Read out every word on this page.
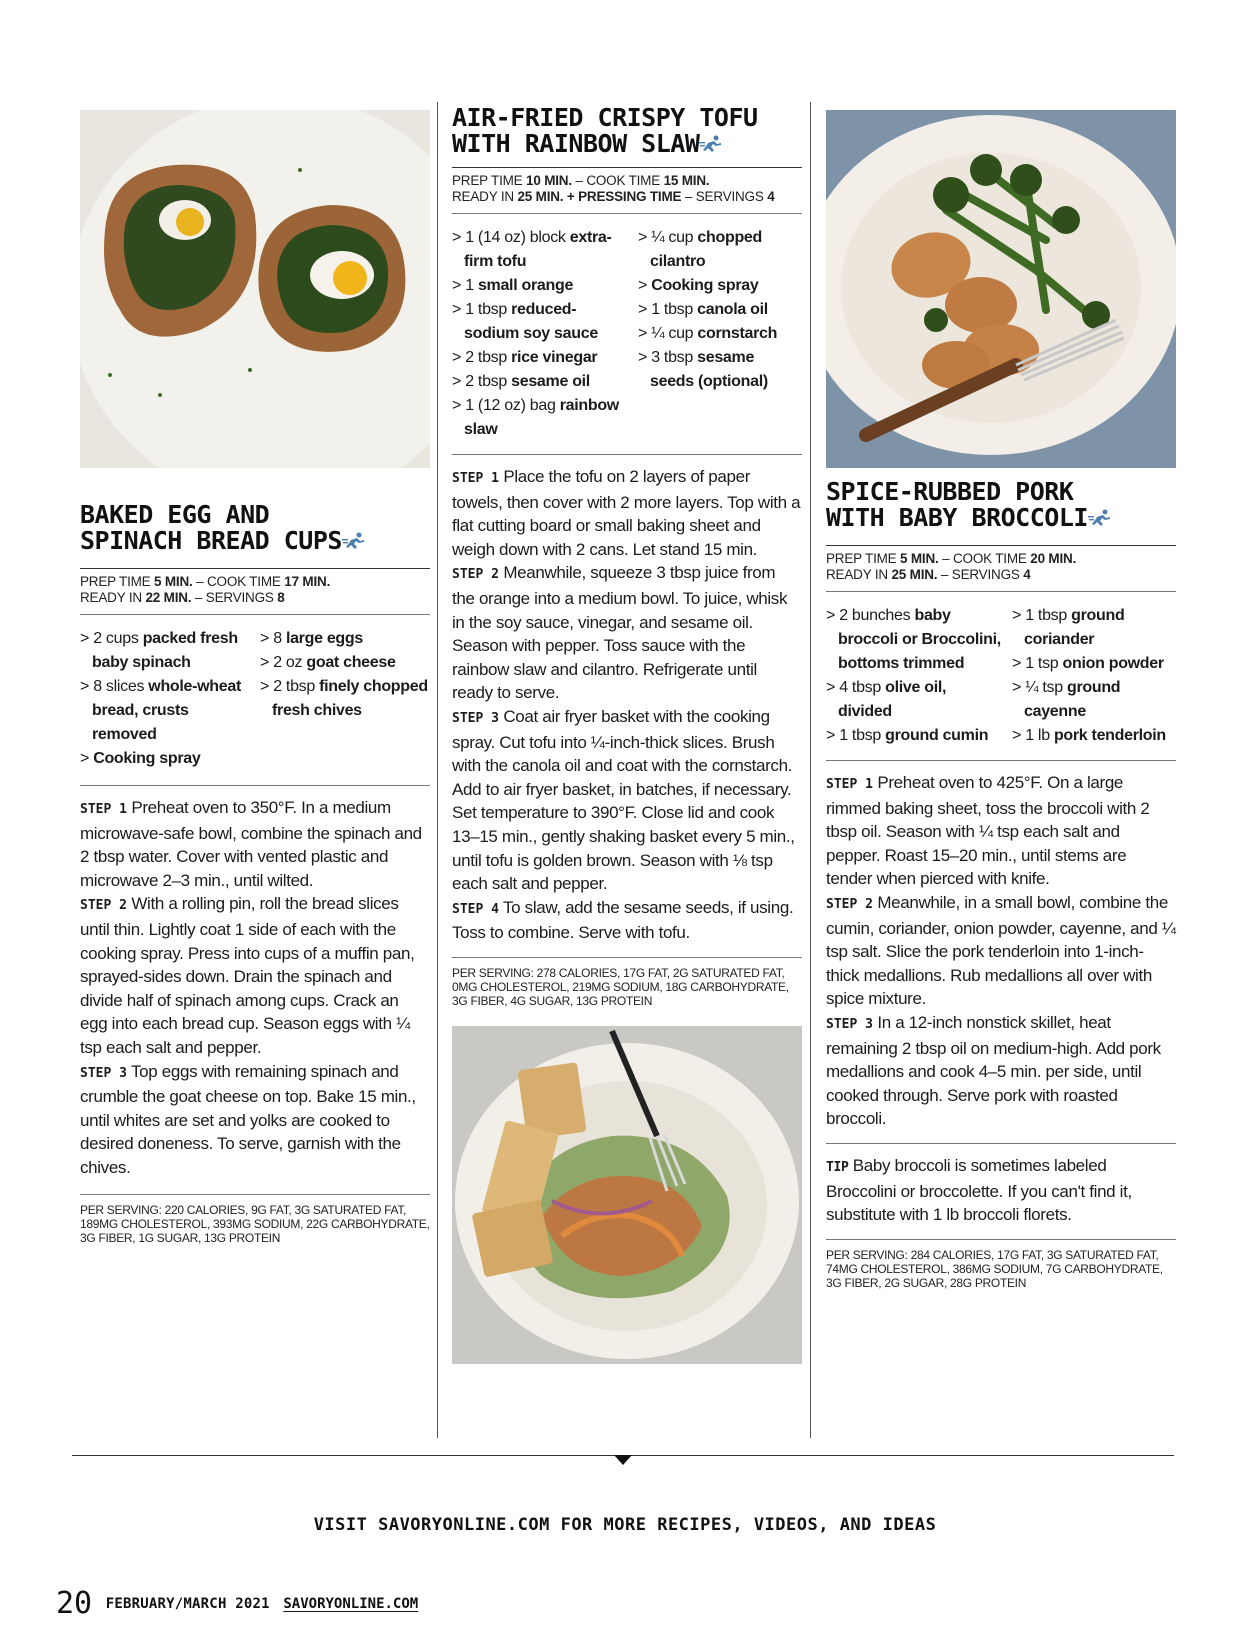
BAKED EGG AND
SPINACH BREAD CUPS
PREP TIME 5 MIN. – COOK TIME 17 MIN.
READY IN 22 MIN. – SERVINGS 8
> 2 cups packed fresh baby spinach
> 8 slices whole-wheat bread, crusts removed
> Cooking spray
> 8 large eggs
> 2 oz goat cheese
> 2 tbsp finely chopped fresh chives

STEP 1 Preheat oven to 350°F. In a medium microwave-safe bowl, combine the spinach and 2 tbsp water. Cover with vented plastic and microwave 2–3 min., until wilted.

STEP 2 With a rolling pin, roll the bread slices until thin. Lightly coat 1 side of each with the cooking spray. Press into cups of a muffin pan, sprayed-sides down. Drain the spinach and divide half of spinach among cups. Crack an egg into each bread cup. Season eggs with ¼ tsp each salt and pepper.

STEP 3 Top eggs with remaining spinach and crumble the goat cheese on top. Bake 15 min., until whites are set and yolks are cooked to desired doneness. To serve, garnish with the chives.

PER SERVING: 220 CALORIES, 9G FAT, 3G SATURATED FAT, 189MG CHOLESTEROL, 393MG SODIUM, 22G CARBOHYDRATE, 3G FIBER, 1G SUGAR, 13G PROTEIN
AIR-FRIED CRISPY TOFU
WITH RAINBOW SLAW
PREP TIME 10 MIN. – COOK TIME 15 MIN.
READY IN 25 MIN. + PRESSING TIME – SERVINGS 4
> 1 (14 oz) block extra-firm tofu
> 1 small orange
> 1 tbsp reduced-sodium soy sauce
> 2 tbsp rice vinegar
> 2 tbsp sesame oil
> 1 (12 oz) bag rainbow slaw
> ¼ cup chopped cilantro
> Cooking spray
> 1 tbsp canola oil
> ¼ cup cornstarch
> 3 tbsp sesame seeds (optional)

STEP 1 Place the tofu on 2 layers of paper towels, then cover with 2 more layers. Top with a flat cutting board or small baking sheet and weigh down with 2 cans. Let stand 15 min.

STEP 2 Meanwhile, squeeze 3 tbsp juice from the orange into a medium bowl. To juice, whisk in the soy sauce, vinegar, and sesame oil. Season with pepper. Toss sauce with the rainbow slaw and cilantro. Refrigerate until ready to serve.

STEP 3 Coat air fryer basket with the cooking spray. Cut tofu into ¼-inch-thick slices. Brush with the canola oil and coat with the cornstarch. Add to air fryer basket, in batches, if necessary. Set temperature to 390°F. Close lid and cook 13–15 min., gently shaking basket every 5 min., until tofu is golden brown. Season with ⅛ tsp each salt and pepper.

STEP 4 To slaw, add the sesame seeds, if using. Toss to combine. Serve with tofu.

PER SERVING: 278 CALORIES, 17G FAT, 2G SATURATED FAT, 0MG CHOLESTEROL, 219MG SODIUM, 18G CARBOHYDRATE, 3G FIBER, 4G SUGAR, 13G PROTEIN
SPICE-RUBBED PORK
WITH BABY BROCCOLI
PREP TIME 5 MIN. – COOK TIME 20 MIN.
READY IN 25 MIN. – SERVINGS 4
> 2 bunches baby broccoli or Broccolini, bottoms trimmed
> 4 tbsp olive oil, divided
> 1 tbsp ground cumin
> 1 tbsp ground coriander
> 1 tsp onion powder
> ¼ tsp ground cayenne
> 1 lb pork tenderloin

STEP 1 Preheat oven to 425°F. On a large rimmed baking sheet, toss the broccoli with 2 tbsp oil. Season with ¼ tsp each salt and pepper. Roast 15–20 min., until stems are tender when pierced with knife.

STEP 2 Meanwhile, in a small bowl, combine the cumin, coriander, onion powder, cayenne, and ¼ tsp salt. Slice the pork tenderloin into 1-inch-thick medallions. Rub medallions all over with spice mixture.

STEP 3 In a 12-inch nonstick skillet, heat remaining 2 tbsp oil on medium-high. Add pork medallions and cook 4–5 min. per side, until cooked through. Serve pork with roasted broccoli.

TIP Baby broccoli is sometimes labeled Broccolini or broccolette. If you can't find it, substitute with 1 lb broccoli florets.

PER SERVING: 284 CALORIES, 17G FAT, 3G SATURATED FAT, 74MG CHOLESTEROL, 386MG SODIUM, 7G CARBOHYDRATE, 3G FIBER, 2G SUGAR, 28G PROTEIN
VISIT SAVORYONLINE.COM FOR MORE RECIPES, VIDEOS, AND IDEAS
20 FEBRUARY/MARCH 2021 SAVORYONLINE.COM
